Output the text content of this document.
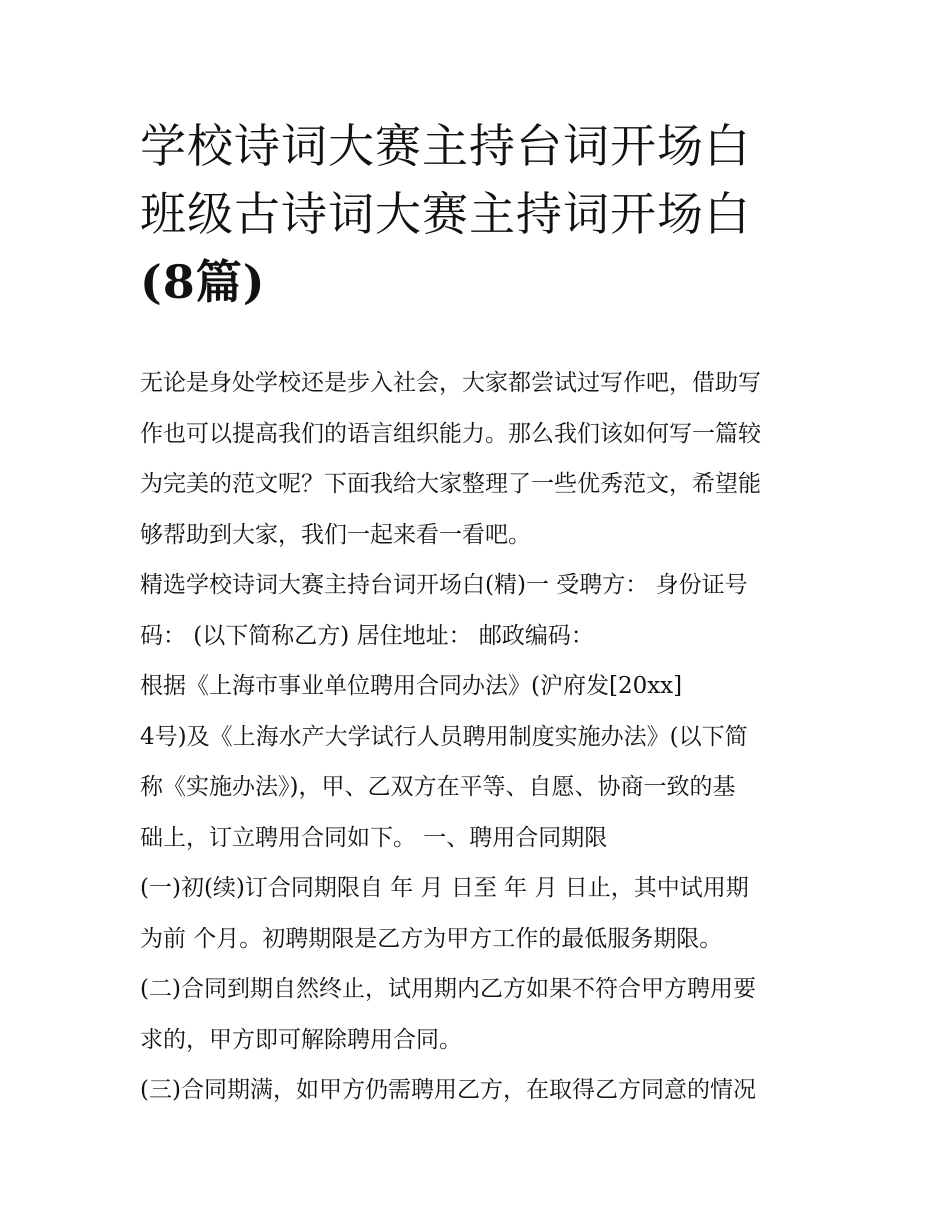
学校诗词大赛主持台词开场白
班级古诗词大赛主持词开场白
(8篇)

无论是身处学校还是步入社会，大家都尝试过写作吧，借助写
作也可以提高我们的语言组织能力。那么我们该如何写一篇较
为完美的范文呢？下面我给大家整理了一些优秀范文，希望能
够帮助到大家，我们一起来看一看吧。

精选学校诗词大赛主持台词开场白(精)一 受聘方： 身份证号
码： (以下简称乙方) 居住地址： 邮政编码：

根据《上海市事业单位聘用合同办法》(沪府发[20xx]

4号)及《上海水产大学试行人员聘用制度实施办法》(以下简
称《实施办法》)，甲、乙双方在平等、自愿、协商一致的基
础上，订立聘用合同如下。 一、聘用合同期限

(一)初(续)订合同期限自 年 月 日至 年 月 日止，其中试用期
为前 个月。初聘期限是乙方为甲方工作的最低服务期限。

(二)合同到期自然终止，试用期内乙方如果不符合甲方聘用要
求的，甲方即可解除聘用合同。

(三)合同期满，如甲方仍需聘用乙方，在取得乙方同意的情况
